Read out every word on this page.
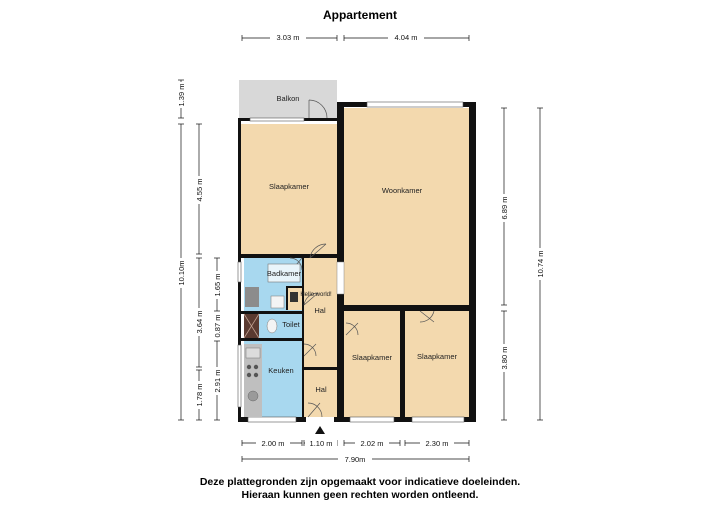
Appartement
Balkon
Slaapkamer	Woonkamer
Badkamer
Toilet
Hal
Keuken
Hal
Slaapkamer	Slaapkamer
Hello world!
3.03 m	4.04 m
2.00 m	1.10 m	2.02 m	2.30 m
7.90m
1.39 m
10.10m
4.55 m
3.64 m
1.78 m
1.65 m
0.87 m
2.91 m
6.89 m
3.80 m
10.74 m
Deze plattegronden zijn opgemaakt voor indicatieve doeleinden.
Hieraan kunnen geen rechten worden ontleend.
